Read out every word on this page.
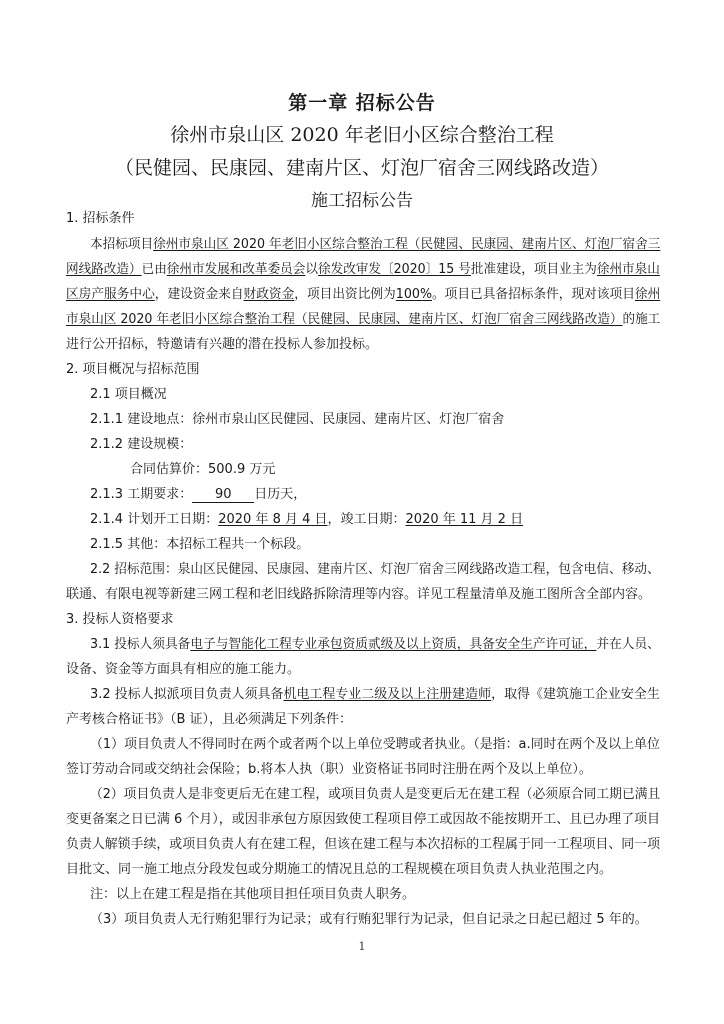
第一章 招标公告
徐州市泉山区 2020 年老旧小区综合整治工程
（民健园、民康园、建南片区、灯泡厂宿舍三网线路改造）
施工招标公告
1. 招标条件
本招标项目徐州市泉山区 2020 年老旧小区综合整治工程（民健园、民康园、建南片区、灯泡厂宿舍三
网线路改造）已由徐州市发展和改革委员会以徐发改审发〔2020〕15 号批准建设，项目业主为徐州市泉山
区房产服务中心，建设资金来自财政资金，项目出资比例为100%。项目已具备招标条件，现对该项目徐州
市泉山区 2020 年老旧小区综合整治工程（民健园、民康园、建南片区、灯泡厂宿舍三网线路改造）的施工
进行公开招标，特邀请有兴趣的潜在投标人参加投标。
2. 项目概况与招标范围
2.1 项目概况
2.1.1 建设地点：徐州市泉山区民健园、民康园、建南片区、灯泡厂宿舍
2.1.2 建设规模：
合同估算价：500.9 万元
2.1.3 工期要求： 90 日历天，
2.1.4 计划开工日期：2020 年 8 月 4 日，竣工日期：2020 年 11 月 2 日
2.1.5 其他：本招标工程共一个标段。
2.2 招标范围：泉山区民健园、民康园、建南片区、灯泡厂宿舍三网线路改造工程，包含电信、移动、
联通、有限电视等新建三网工程和老旧线路拆除清理等内容。详见工程量清单及施工图所含全部内容。
3. 投标人资格要求
3.1 投标人须具备电子与智能化工程专业承包资质贰级及以上资质，具备安全生产许可证，并在人员、
设备、资金等方面具有相应的施工能力。
3.2 投标人拟派项目负责人须具备机电工程专业二级及以上注册建造师，取得《建筑施工企业安全生
产考核合格证书》（B 证），且必须满足下列条件：
（1）项目负责人不得同时在两个或者两个以上单位受聘或者执业。（是指：a.同时在两个及以上单位
签订劳动合同或交纳社会保险；b.将本人执（职）业资格证书同时注册在两个及以上单位）。
（2）项目负责人是非变更后无在建工程，或项目负责人是变更后无在建工程（必须原合同工期已满且
变更备案之日已满 6 个月），或因非承包方原因致使工程项目停工或因故不能按期开工、且已办理了项目
负责人解锁手续，或项目负责人有在建工程，但该在建工程与本次招标的工程属于同一工程项目、同一项
目批文、同一施工地点分段发包或分期施工的情况且总的工程规模在项目负责人执业范围之内。
注：以上在建工程是指在其他项目担任项目负责人职务。
（3）项目负责人无行贿犯罪行为记录；或有行贿犯罪行为记录，但自记录之日起已超过 5 年的。
1
